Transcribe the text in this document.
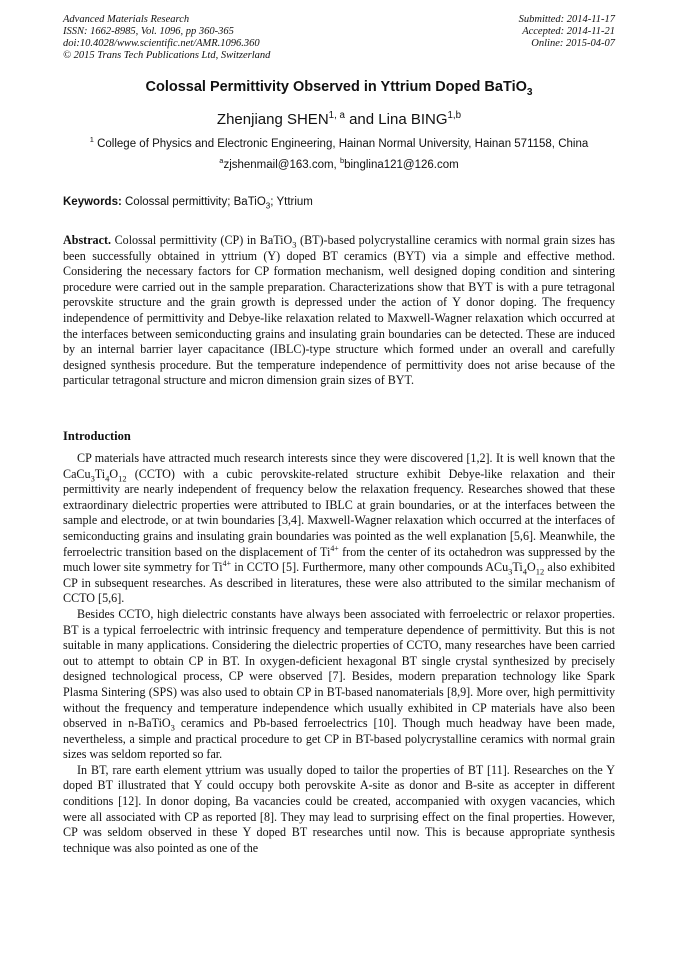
Advanced Materials Research
ISSN: 1662-8985, Vol. 1096, pp 360-365
doi:10.4028/www.scientific.net/AMR.1096.360
© 2015 Trans Tech Publications Ltd, Switzerland
Submitted: 2014-11-17
Accepted: 2014-11-21
Online: 2015-04-07
Colossal Permittivity Observed in Yttrium Doped BaTiO$_3$
Zhenjiang SHEN$^{1, a}$ and Lina BING$^{1,b}$
$^1$ College of Physics and Electronic Engineering, Hainan Normal University, Hainan 571158, China
$^a$zjshenmail@163.com, $^b$binglina121@126.com
Keywords: Colossal permittivity; BaTiO$_3$; Yttrium
Abstract. Colossal permittivity (CP) in BaTiO$_3$ (BT)-based polycrystalline ceramics with normal grain sizes has been successfully obtained in yttrium (Y) doped BT ceramics (BYT) via a simple and effective method. Considering the necessary factors for CP formation mechanism, well designed doping condition and sintering procedure were carried out in the sample preparation. Characterizations show that BYT is with a pure tetragonal perovskite structure and the grain growth is depressed under the action of Y donor doping. The frequency independence of permittivity and Debye-like relaxation related to Maxwell-Wagner relaxation which occurred at the interfaces between semiconducting grains and insulating grain boundaries can be detected. These are induced by an internal barrier layer capacitance (IBLC)-type structure which formed under an overall and carefully designed synthesis procedure. But the temperature independence of permittivity does not arise because of the particular tetragonal structure and micron dimension grain sizes of BYT.
Introduction

CP materials have attracted much research interests since they were discovered [1,2]. It is well known that the $CaCu_3Ti_4O_{12}$ (CCTO) with a cubic perovskite-related structure exhibit Debye-like relaxation and their permittivity are nearly independent of frequency below the relaxation frequency. Researches showed that these extraordinary dielectric properties were attributed to IBLC at grain boundaries, or at the interfaces between the sample and electrode, or at twin boundaries [3,4]. Maxwell-Wagner relaxation which occurred at the interfaces of semiconducting grains and insulating grain boundaries was pointed as the well explanation [5,6]. Meanwhile, the ferroelectric transition based on the displacement of $Ti^{4+}$ from the center of its octahedron was suppressed by the much lower site symmetry for $Ti^{4+}$ in CCTO [5]. Furthermore, many other compounds $ACu_3Ti_4O_{12}$ also exhibited CP in subsequent researches. As described in literatures, these were also attributed to the similar mechanism of CCTO [5,6].

Besides CCTO, high dielectric constants have always been associated with ferroelectric or relaxor properties. BT is a typical ferroelectric with intrinsic frequency and temperature dependence of permittivity. But this is not suitable in many applications. Considering the dielectric properties of CCTO, many researches have been carried out to attempt to obtain CP in BT. In oxygen-deficient hexagonal BT single crystal synthesized by precisely designed technological process, CP were observed [7]. Besides, modern preparation technology like Spark Plasma Sintering (SPS) was also used to obtain CP in BT-based nanomaterials [8,9]. More over, high permittivity without the frequency and temperature independence which usually exhibited in CP materials have also been observed in n-BaTiO$_3$ ceramics and Pb-based ferroelectrics [10]. Though much headway have been made, nevertheless, a simple and practical procedure to get CP in BT-based polycrystalline ceramics with normal grain sizes was seldom reported so far.

In BT, rare earth element yttrium was usually doped to tailor the properties of BT [11]. Researches on the Y doped BT illustrated that Y could occupy both perovskite A-site as donor and B-site as accepter in different conditions [12]. In donor doping, Ba vacancies could be created, accompanied with oxygen vacancies, which were all associated with CP as reported [8]. They may lead to surprising effect on the final properties. However, CP was seldom observed in these Y doped BT researches until now. This is because appropriate synthesis technique was also pointed as one of the
